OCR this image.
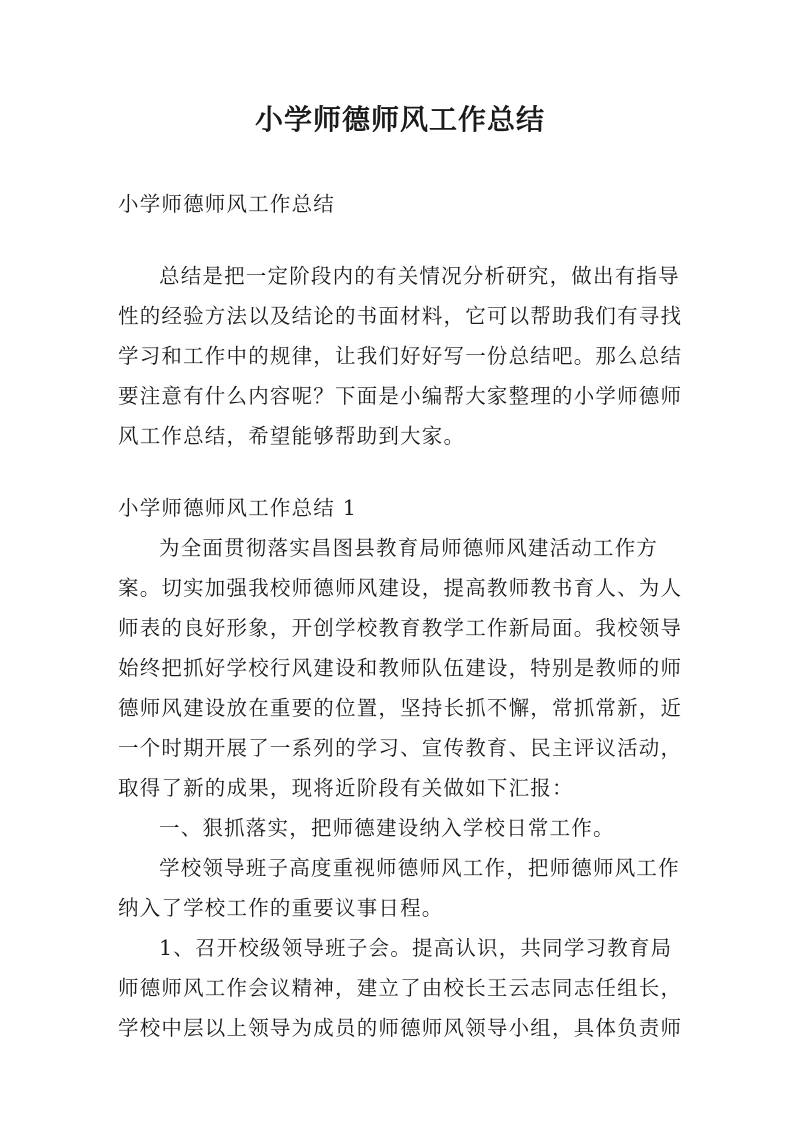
小学师德师风工作总结
小学师德师风工作总结
总结是把一定阶段内的有关情况分析研究，做出有指导性的经验方法以及结论的书面材料，它可以帮助我们有寻找学习和工作中的规律，让我们好好写一份总结吧。那么总结要注意有什么内容呢？下面是小编帮大家整理的小学师德师风工作总结，希望能够帮助到大家。
小学师德师风工作总结 1

为全面贯彻落实昌图县教育局师德师风建活动工作方案。切实加强我校师德师风建设，提高教师教书育人、为人师表的良好形象，开创学校教育教学工作新局面。我校领导始终把抓好学校行风建设和教师队伍建设，特别是教师的师德师风建设放在重要的位置，坚持长抓不懈，常抓常新，近一个时期开展了一系列的学习、宣传教育、民主评议活动，取得了新的成果，现将近阶段有关做如下汇报：

一、狠抓落实，把师德建设纳入学校日常工作。

学校领导班子高度重视师德师风工作，把师德师风工作纳入了学校工作的重要议事日程。

1、召开校级领导班子会。提高认识，共同学习教育局师德师风工作会议精神，建立了由校长王云志同志任组长，学校中层以上领导为成员的师德师风领导小组，具体负责师
